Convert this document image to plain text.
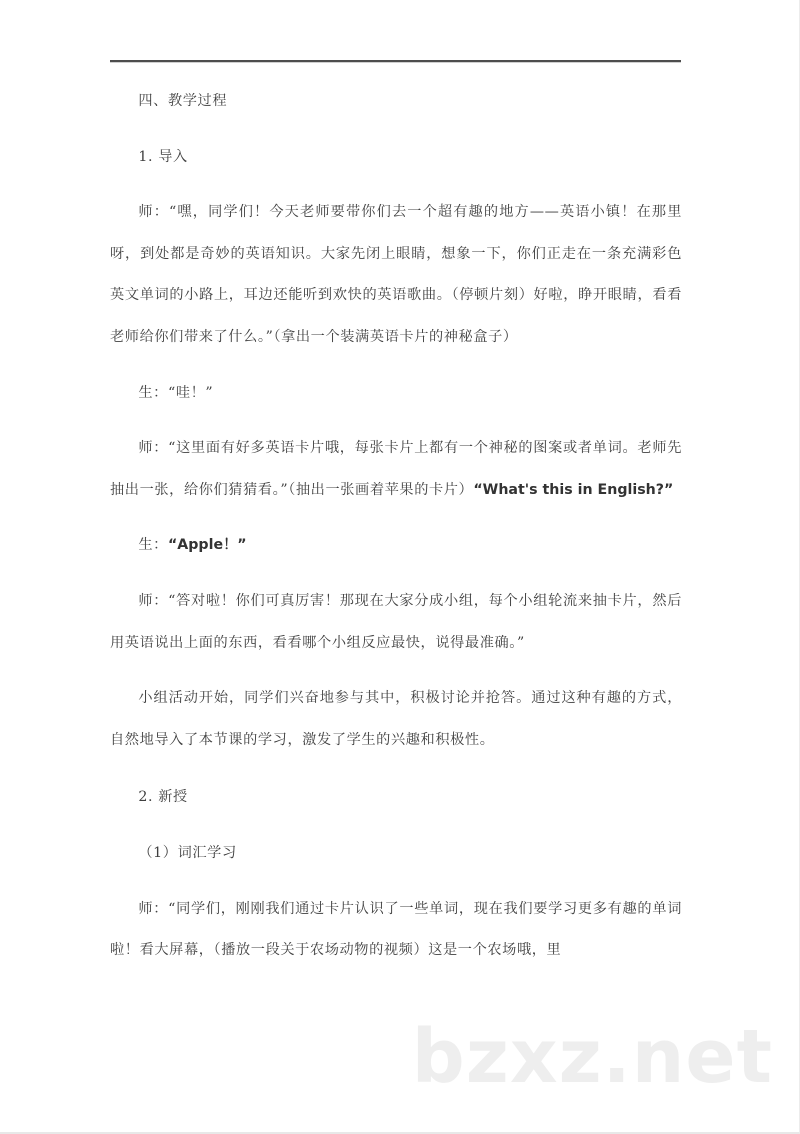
bzxz.net

四、教学过程

1. 导入

师：“嘿，同学们！今天老师要带你们去一个超有趣的地方——英语小镇！在那里呀，到处都是奇妙的英语知识。大家先闭上眼睛，想象一下，你们正走在一条充满彩色英文单词的小路上，耳边还能听到欢快的英语歌曲。（停顿片刻）好啦，睁开眼睛，看看老师给你们带来了什么。”（拿出一个装满英语卡片的神秘盒子）

生：“哇！”

师：“这里面有好多英语卡片哦，每张卡片上都有一个神秘的图案或者单词。老师先抽出一张，给你们猜猜看。”（抽出一张画着苹果的卡片）“What's this in English?”

生：“Apple！”

师：“答对啦！你们可真厉害！那现在大家分成小组，每个小组轮流来抽卡片，然后用英语说出上面的东西，看看哪个小组反应最快，说得最准确。”

小组活动开始，同学们兴奋地参与其中，积极讨论并抢答。通过这种有趣的方式，自然地导入了本节课的学习，激发了学生的兴趣和积极性。

2. 新授

（1）词汇学习

师：“同学们，刚刚我们通过卡片认识了一些单词，现在我们要学习更多有趣的单词啦！看大屏幕，（播放一段关于农场动物的视频）这是一个农场哦，里
